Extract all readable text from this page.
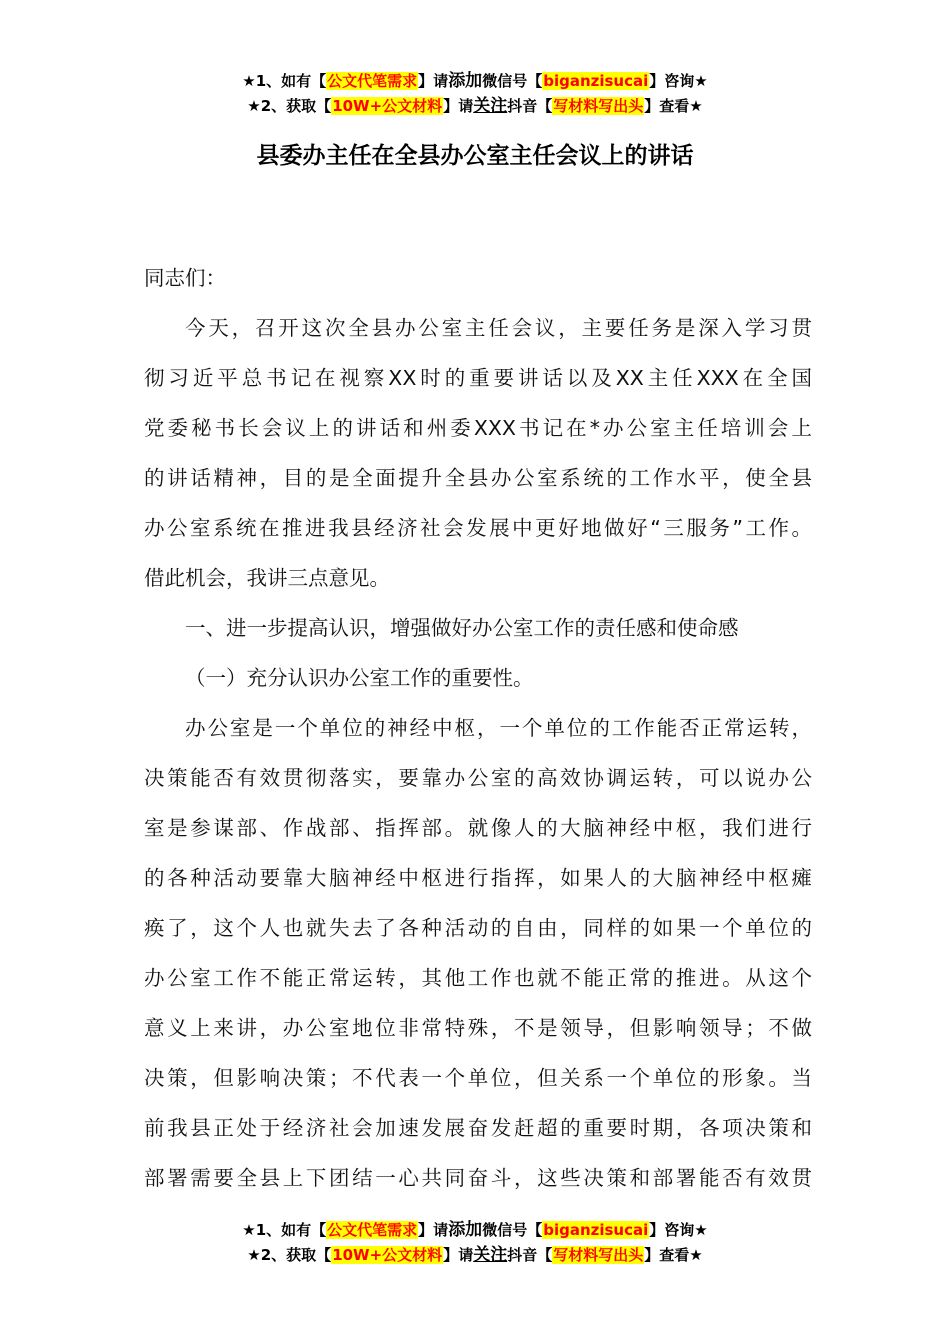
★1、如有【公文代笔需求】请添加微信号【biganzisucai】咨询★
★2、获取【10W+公文材料】请关注抖音【写材料写出头】查看★
县委办主任在全县办公室主任会议上的讲话
同志们：
今天，召开这次全县办公室主任会议，主要任务是深入学习贯
彻习近平总书记在视察XX时的重要讲话以及XX主任XXX在全国
党委秘书长会议上的讲话和州委XXX书记在*办公室主任培训会上
的讲话精神，目的是全面提升全县办公室系统的工作水平，使全县
办公室系统在推进我县经济社会发展中更好地做好“三服务”工作。
借此机会，我讲三点意见。
一、进一步提高认识，增强做好办公室工作的责任感和使命感
（一）充分认识办公室工作的重要性。
办公室是一个单位的神经中枢，一个单位的工作能否正常运转，
决策能否有效贯彻落实，要靠办公室的高效协调运转，可以说办公
室是参谋部、作战部、指挥部。就像人的大脑神经中枢，我们进行
的各种活动要靠大脑神经中枢进行指挥，如果人的大脑神经中枢瘫
痪了，这个人也就失去了各种活动的自由，同样的如果一个单位的
办公室工作不能正常运转，其他工作也就不能正常的推进。从这个
意义上来讲，办公室地位非常特殊，不是领导，但影响领导；不做
决策，但影响决策；不代表一个单位，但关系一个单位的形象。当
前我县正处于经济社会加速发展奋发赶超的重要时期，各项决策和
部署需要全县上下团结一心共同奋斗，这些决策和部署能否有效贯
★1、如有【公文代笔需求】请添加微信号【biganzisucai】咨询★
★2、获取【10W+公文材料】请关注抖音【写材料写出头】查看★
